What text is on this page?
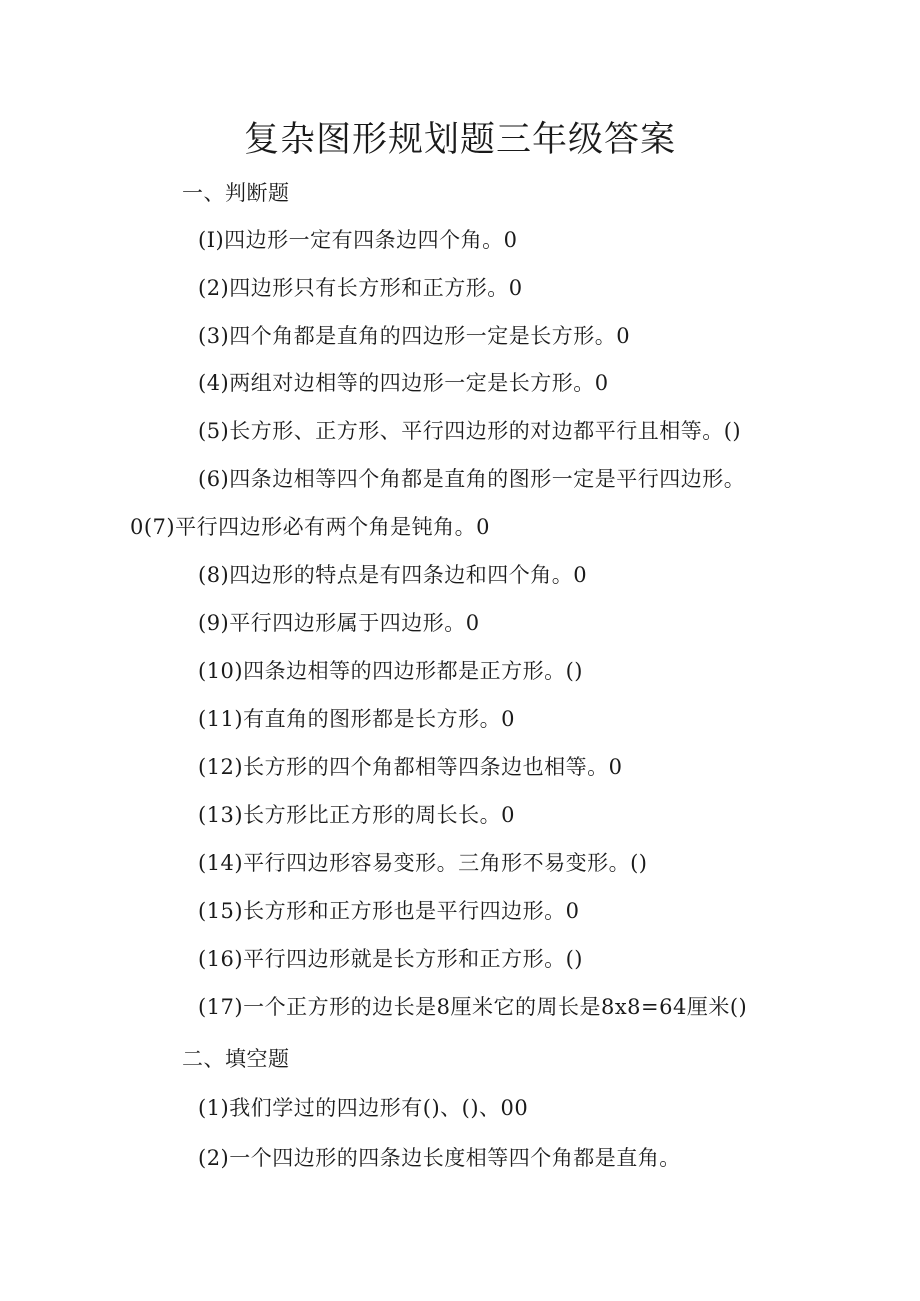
复杂图形规划题三年级答案
一、判断题
(I)四边形一定有四条边四个角。0
(2)四边形只有长方形和正方形。0
(3)四个角都是直角的四边形一定是长方形。0
(4)两组对边相等的四边形一定是长方形。0
(5)长方形、正方形、平行四边形的对边都平行且相等。()
(6)四条边相等四个角都是直角的图形一定是平行四边形。
0(7)平行四边形必有两个角是钝角。0
(8)四边形的特点是有四条边和四个角。0
(9)平行四边形属于四边形。0
(10)四条边相等的四边形都是正方形。()
(11)有直角的图形都是长方形。0
(12)长方形的四个角都相等四条边也相等。0
(13)长方形比正方形的周长长。0
(14)平行四边形容易变形。三角形不易变形。()
(15)长方形和正方形也是平行四边形。0
(16)平行四边形就是长方形和正方形。()
(17)一个正方形的边长是8厘米它的周长是8x8=64厘米()
二、填空题
(1)我们学过的四边形有()、()、00
(2)一个四边形的四条边长度相等四个角都是直角。
